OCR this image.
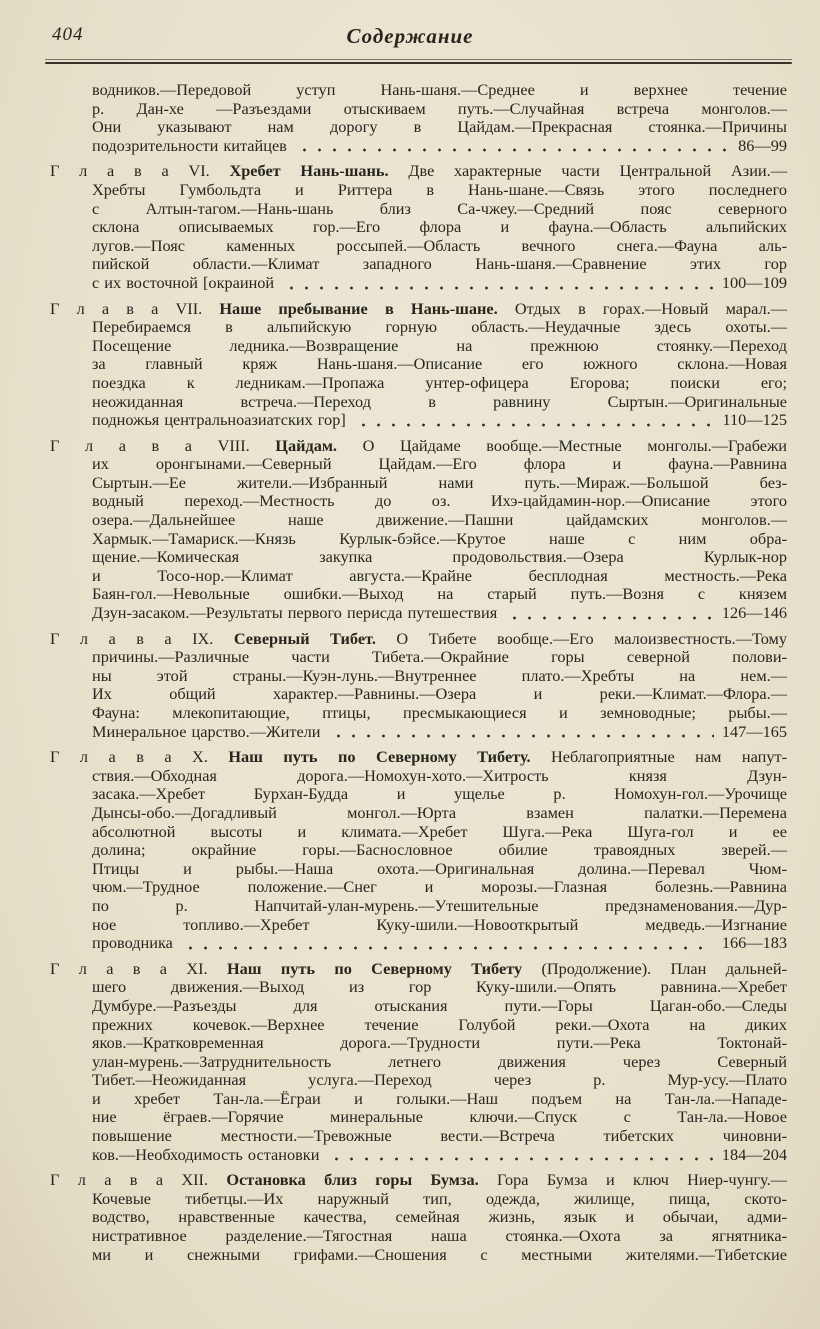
404	Содержание
водников.—Передовой уступ Нань-шаня.—Среднее и верхнее течение
р. Дан-хе —Разъездами отыскиваем путь.—Случайная встреча монголов.—
Они указывают нам дорогу в Цайдам.—Прекрасная стоянка.—Причины
подозрительности китайцев	86—99
Г л а в а VI. Хребет Нань-шань. Две характерные части Центральной Азии.—
Хребты Гумбольдта и Риттера в Нань-шане.—Связь этого последнего
с Алтын-тагом.—Нань-шань близ Са-чжеу.—Средний пояс северного
склона описываемых гор.—Его флора и фауна.—Область альпийских
лугов.—Пояс каменных россыпей.—Область вечного снега.—Фауна аль-
пийской области.—Климат западного Нань-шаня.—Сравнение этих гор
с их восточной [окраиной	100—109
Г л а в а VII. Наше пребывание в Нань-шане. Отдых в горах.—Новый марал.—
Перебираемся в альпийскую горную область.—Неудачные здесь охоты.—
Посещение ледника.—Возвращение на прежнюю стоянку.—Переход
за главный кряж Нань-шаня.—Описание его южного склона.—Новая
поездка к ледникам.—Пропажа унтер-офицера Егорова; поиски его;
неожиданная встреча.—Переход в равнину Сыртын.—Оригинальные
подножья центральноазиатских гор]	110—125
Г л а в а VIII. Цайдам. О Цайдаме вообще.—Местные монголы.—Грабежи
их оронгынами.—Северный Цайдам.—Его флора и фауна.—Равнина
Сыртын.—Ее жители.—Избранный нами путь.—Мираж.—Большой без-
водный переход.—Местность до оз. Ихэ-цайдамин-нор.—Описание этого
озера.—Дальнейшее наше движение.—Пашни цайдамских монголов.—
Хармык.—Тамариск.—Князь Курлык-бэйсе.—Крутое наше с ним обра-
щение.—Комическая закупка продовольствия.—Озера Курлык-нор
и Тосо-нор.—Климат августа.—Крайне бесплодная местность.—Река
Баян-гол.—Невольные ошибки.—Выход на старый путь.—Возня с князем
Дзун-засаком.—Результаты первого перисда путешествия	126—146
Г л а в а IX. Северный Тибет. О Тибете вообще.—Его малоизвестность.—Тому
причины.—Различные части Тибета.—Окрайние горы северной полови-
ны этой страны.—Куэн-лунь.—Внутреннее плато.—Хребты на нем.—
Их общий характер.—Равнины.—Озера и реки.—Климат.—Флора.—
Фауна: млекопитающие, птицы, пресмыкающиеся и земноводные; рыбы.—
Минеральное царство.—Жители	147—165
Г л а в а X. Наш путь по Северному Тибету. Неблагоприятные нам напут-
ствия.—Обходная дорога.—Номохун-хото.—Хитрость князя Дзун-
засака.—Хребет Бурхан-Будда и ущелье р. Номохун-гол.—Урочище
Дынсы-обо.—Догадливый монгол.—Юрта взамен палатки.—Перемена
абсолютной высоты и климата.—Хребет Шуга.—Река Шуга-гол и ее
долина; окрайние горы.—Баснословное обилие травоядных зверей.—
Птицы и рыбы.—Наша охота.—Оригинальная долина.—Перевал Чюм-
чюм.—Трудное положение.—Снег и морозы.—Глазная болезнь.—Равнина
по р. Напчитай-улан-мурень.—Утешительные предзнаменования.—Дур-
ное топливо.—Хребет Куку-шили.—Новооткрытый медведь.—Изгнание
проводника	166—183
Г л а в а XI. Наш путь по Северному Тибету (Продолжение). План дальней-
шего движения.—Выход из гор Куку-шили.—Опять равнина.—Хребет
Думбуре.—Разъезды для отыскания пути.—Горы Цаган-обо.—Следы
прежних кочевок.—Верхнее течение Голубой реки.—Охота на диких
яков.—Кратковременная дорога.—Трудности пути.—Река Токтонай-
улан-мурень.—Затруднительность летнего движения через Северный
Тибет.—Неожиданная услуга.—Переход через р. Мур-усу.—Плато
и хребет Тан-ла.—Ёграи и голыки.—Наш подъем на Тан-ла.—Нападе-
ние ёграев.—Горячие минеральные ключи.—Спуск с Тан-ла.—Новое
повышение местности.—Тревожные вести.—Встреча тибетских чиновни-
ков.—Необходимость остановки	184—204
Г л а в а XII. Остановка близ горы Бумза. Гора Бумза и ключ Ниер-чунгу.—
Кочевые тибетцы.—Их наружный тип, одежда, жилище, пища, ското-
водство, нравственные качества, семейная жизнь, язык и обычаи, адми-
нистративное разделение.—Тягостная наша стоянка.—Охота за ягнятника-
ми и снежными грифами.—Сношения с местными жителями.—Тибетские
